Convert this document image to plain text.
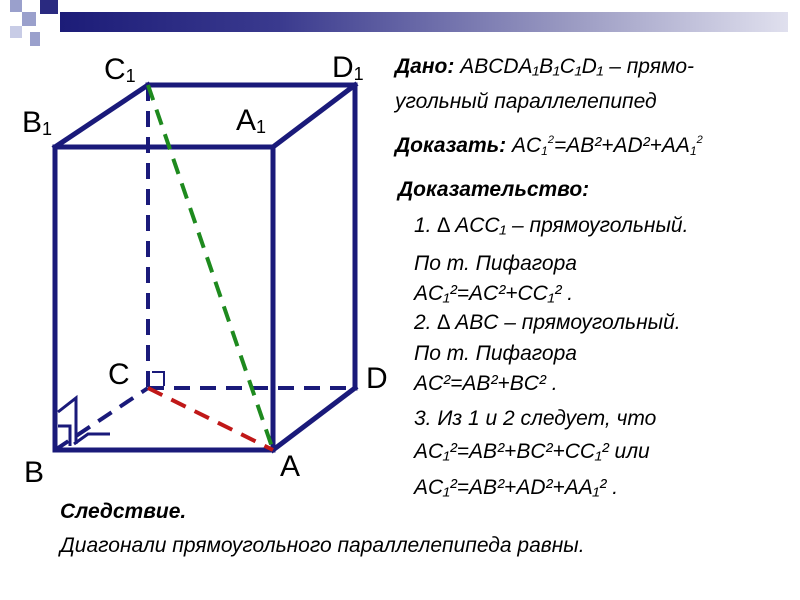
$C_1$	$D_1$
$B_1$	$A_1$
C	D
B	A
Дано: ABCDA₁B₁C₁D₁ – прямо-
угольный параллелепипед
Доказать: $AC_1^2=AB^2+AD^2+AA_1^2$
Доказательство:
1. ∆ ACC₁ – прямоугольный.
По т. Пифагора
AC₁²=AC²+CC₁² .
2. ∆ ABC – прямоугольный.
По т. Пифагора
AC²=AB²+BC² .
3. Из 1 и 2 следует, что
AC₁²=AB²+BC²+CC₁² или
AC₁²=AB²+AD²+AA₁² .
Следствие.
Диагонали прямоугольного параллелепипеда равны.
